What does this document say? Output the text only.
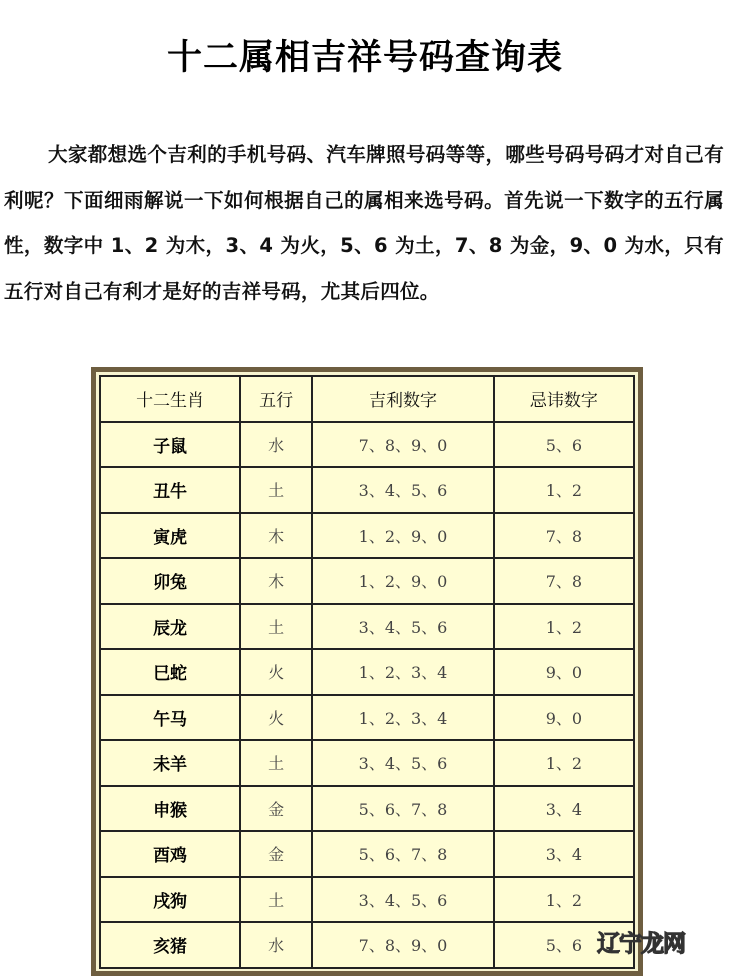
十二属相吉祥号码查询表

大家都想选个吉利的手机号码、汽车牌照号码等等，哪些号码号码才对自己有利呢？下面细雨解说一下如何根据自己的属相来选号码。首先说一下数字的五行属性，数字中 1、2 为木，3、4 为火，5、6 为土，7、8 为金，9、0 为水，只有五行对自己有利才是好的吉祥号码，尤其后四位。

十二生肖	五行	吉利数字	忌讳数字
子鼠	水	7、8、9、0	5、6
丑牛	土	3、4、5、6	1、2
寅虎	木	1、2、9、0	7、8
卯兔	木	1、2、9、0	7、8
辰龙	土	3、4、5、6	1、2
巳蛇	火	1、2、3、4	9、0
午马	火	1、2、3、4	9、0
未羊	土	3、4、5、6	1、2
申猴	金	5、6、7、8	3、4
酉鸡	金	5、6、7、8	3、4
戌狗	土	3、4、5、6	1、2
亥猪	水	7、8、9、0	5、6 辽宁龙网
